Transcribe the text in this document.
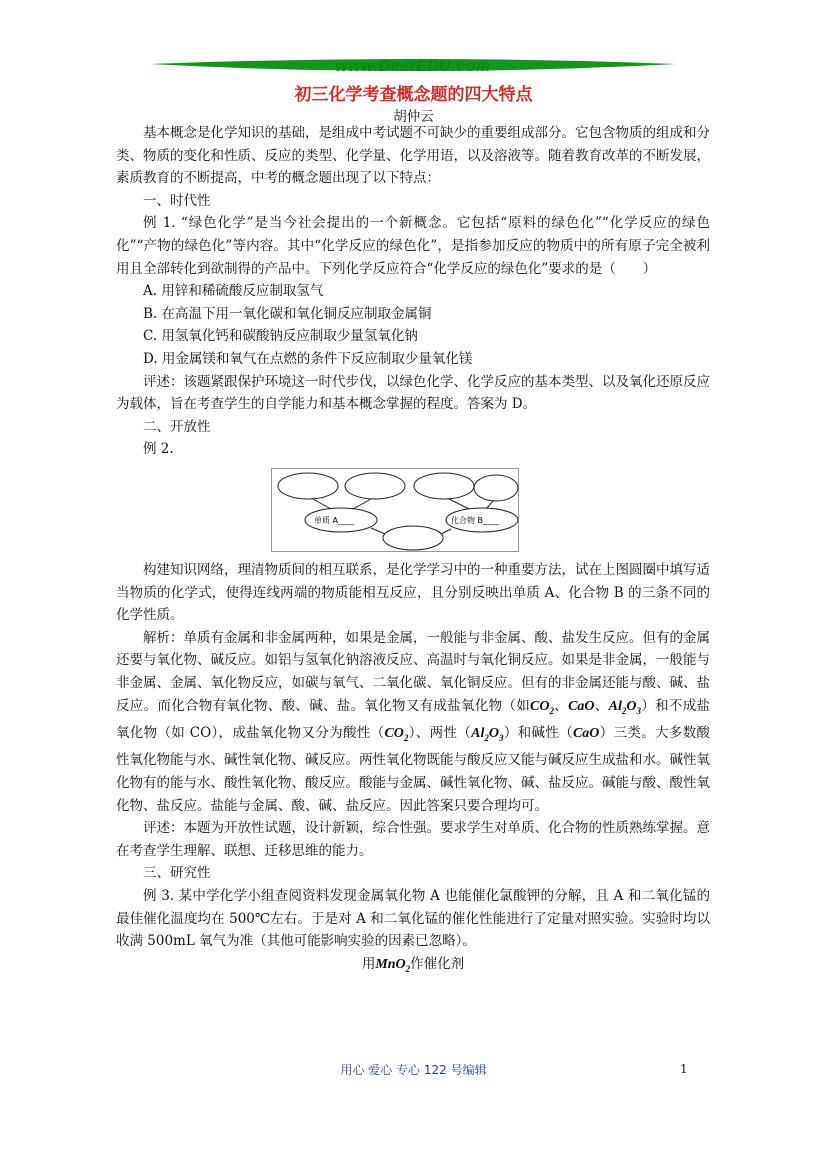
www.DearEDU.com
初三化学考查概念题的四大特点
胡仲云

基本概念是化学知识的基础，是组成中考试题不可缺少的重要组成部分。它包含物质的组成和分类、物质的变化和性质、反应的类型、化学量、化学用语，以及溶液等。随着教育改革的不断发展，素质教育的不断提高，中考的概念题出现了以下特点：

一、时代性

例 1. “绿色化学”是当今社会提出的一个新概念。它包括“原料的绿色化”“化学反应的绿色化”“产物的绿色化”等内容。其中“化学反应的绿色化”，是指参加反应的物质中的所有原子完全被利用且全部转化到欲制得的产品中。下列化学反应符合“化学反应的绿色化”要求的是（　　）

A. 用锌和稀硫酸反应制取氢气

B. 在高温下用一氧化碳和氧化铜反应制取金属铜

C. 用氢氧化钙和碳酸钠反应制取少量氢氧化钠

D. 用金属镁和氧气在点燃的条件下反应制取少量氧化镁

评述：该题紧跟保护环境这一时代步伐，以绿色化学、化学反应的基本类型、以及氧化还原反应为载体，旨在考查学生的自学能力和基本概念掌握的程度。答案为 D。

二、开放性

例 2.

单质 A____	化合物 B____

构建知识网络，理清物质间的相互联系，是化学学习中的一种重要方法，试在上图圆圈中填写适当物质的化学式，使得连线两端的物质能相互反应，且分别反映出单质 A、化合物 B 的三条不同的化学性质。

解析：单质有金属和非金属两种，如果是金属，一般能与非金属、酸、盐发生反应。但有的金属还要与氧化物、碱反应。如铝与氢氧化钠溶液反应、高温时与氧化铜反应。如果是非金属，一般能与非金属、金属、氧化物反应，如碳与氧气、二氧化碳、氧化铜反应。但有的非金属还能与酸、碱、盐反应。而化合物有氧化物、酸、碱、盐。氧化物又有成盐氧化物（如$CO_2$、CaO、$Al_2O_3$）和不成盐氧化物（如 CO），成盐氧化物又分为酸性$(CO_2)$、两性$(Al_2O_3)$和碱性（CaO）三类。大多数酸性氧化物能与水、碱性氧化物、碱反应。两性氧化物既能与酸反应又能与碱反应生成盐和水。碱性氧化物有的能与水、酸性氧化物、酸反应。酸能与金属、碱性氧化物、碱、盐反应。碱能与酸、酸性氧化物、盐反应。盐能与金属、酸、碱、盐反应。因此答案只要合理均可。

评述：本题为开放性试题，设计新颖，综合性强。要求学生对单质、化合物的性质熟练掌握。意在考查学生理解、联想、迁移思维的能力。

三、研究性

例 3. 某中学化学小组查阅资料发现金属氧化物 A 也能催化氯酸钾的分解，且 A 和二氧化锰的最佳催化温度均在 500℃左右。于是对 A 和二氧化锰的催化性能进行了定量对照实验。实验时均以收满 500mL 氧气为准（其他可能影响实验的因素已忽略）。

用MnO$_2$作催化剂

用心 爱心 专心 122 号编辑	1
